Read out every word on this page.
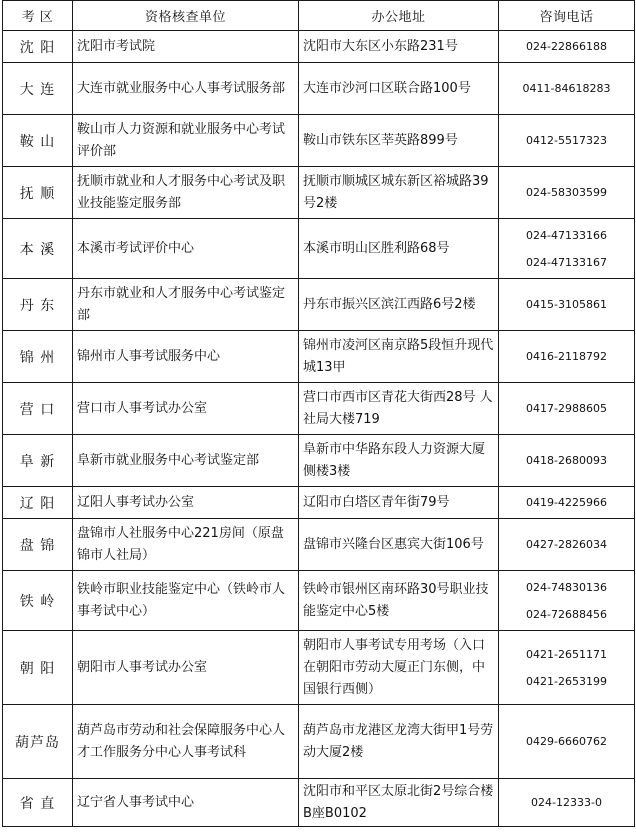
考 区	资格核查单位	办公地址	咨询电话
沈 阳	沈阳市考试院	沈阳市大东区小东路231号	024-22866188

大 连	大连市就业服务中心人事考试服务部	大连市沙河口区联合路100号	0411-84618283

鞍 山	鞍山市人力资源和就业服务中心考试评价部	鞍山市铁东区莘英路899号	0412-5517323

抚 顺	抚顺市就业和人才服务中心考试及职业技能鉴定服务部	抚顺市顺城区城东新区裕城路39号2楼	024-58303599

本 溪	本溪市考试评价中心	本溪市明山区胜利路68号	024-47133166
024-47133167

丹 东	丹东市就业和人才服务中心考试鉴定部	丹东市振兴区滨江西路6号2楼	0415-3105861

锦 州	锦州市人事考试服务中心	锦州市凌河区南京路5段恒升现代城13甲	0416-2118792

营 口	营口市人事考试办公室	营口市西市区青花大街西28号 人社局大楼719	0417-2988605

阜 新	阜新市就业服务中心考试鉴定部	阜新市中华路东段人力资源大厦侧楼3楼	0418-2680093

辽 阳	辽阳人事考试办公室	辽阳市白塔区青年街79号	0419-4225966

盘 锦	盘锦市人社服务中心221房间（原盘锦市人社局）	盘锦市兴隆台区惠宾大街106号	0427-2826034

铁 岭	铁岭市职业技能鉴定中心（铁岭市人事考试中心）	铁岭市银州区南环路30号职业技能鉴定中心5楼	024-74830136
024-72688456

朝 阳	朝阳市人事考试办公室	朝阳市人事考试专用考场（入口在朝阳市劳动大厦正门东侧，中国银行西侧）	0421-2651171
0421-2653199

葫芦岛	葫芦岛市劳动和社会保障服务中心人才工作服务分中心人事考试科	葫芦岛市龙港区龙湾大街甲1号劳动大厦2楼	0429-6660762

省 直	辽宁省人事考试中心	沈阳市和平区太原北街2号综合楼B座B0102	024-12333-0
